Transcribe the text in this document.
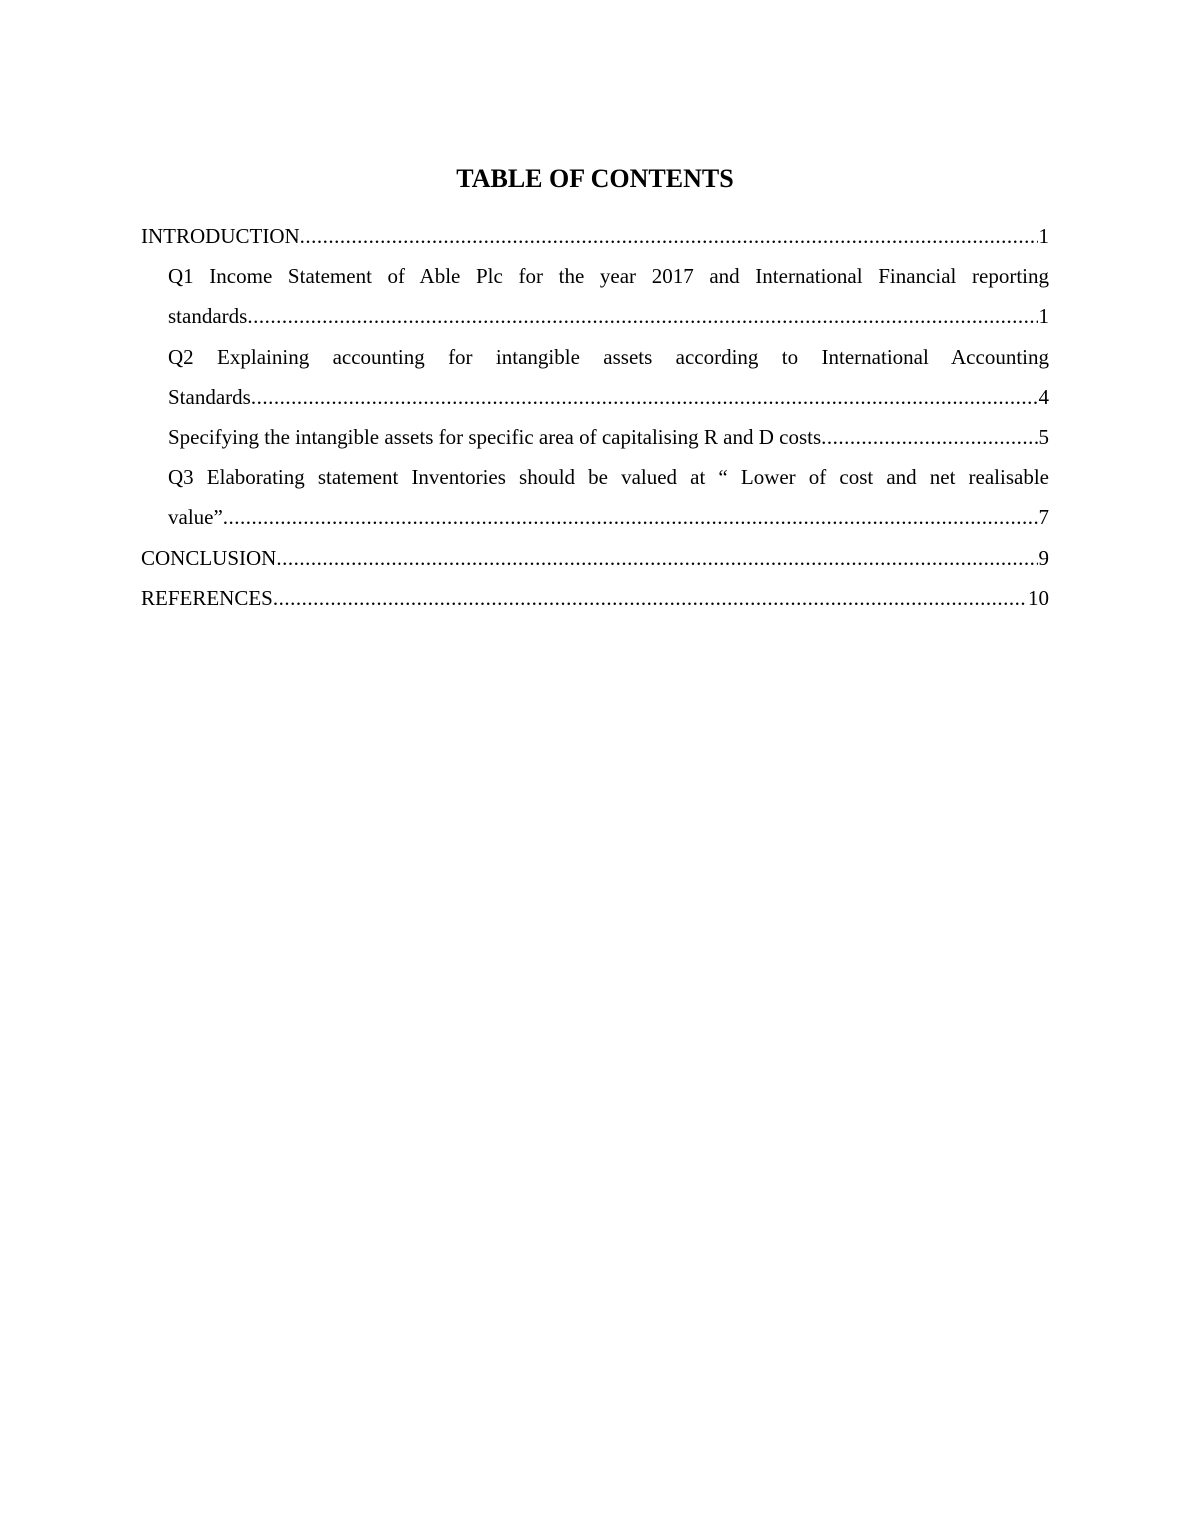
TABLE OF CONTENTS
INTRODUCTION .....	1
Q1 Income Statement of Able Plc for the year 2017 and International Financial reporting
standards .....	1
Q2 Explaining accounting for intangible assets according to International Accounting
Standards .....	4
Specifying the intangible assets for specific area of capitalising R and D costs .....	5
Q3 Elaborating statement Inventories should be valued at “ Lower of cost and net realisable
value” .....	7
CONCLUSION .....	9
REFERENCES .....	10
